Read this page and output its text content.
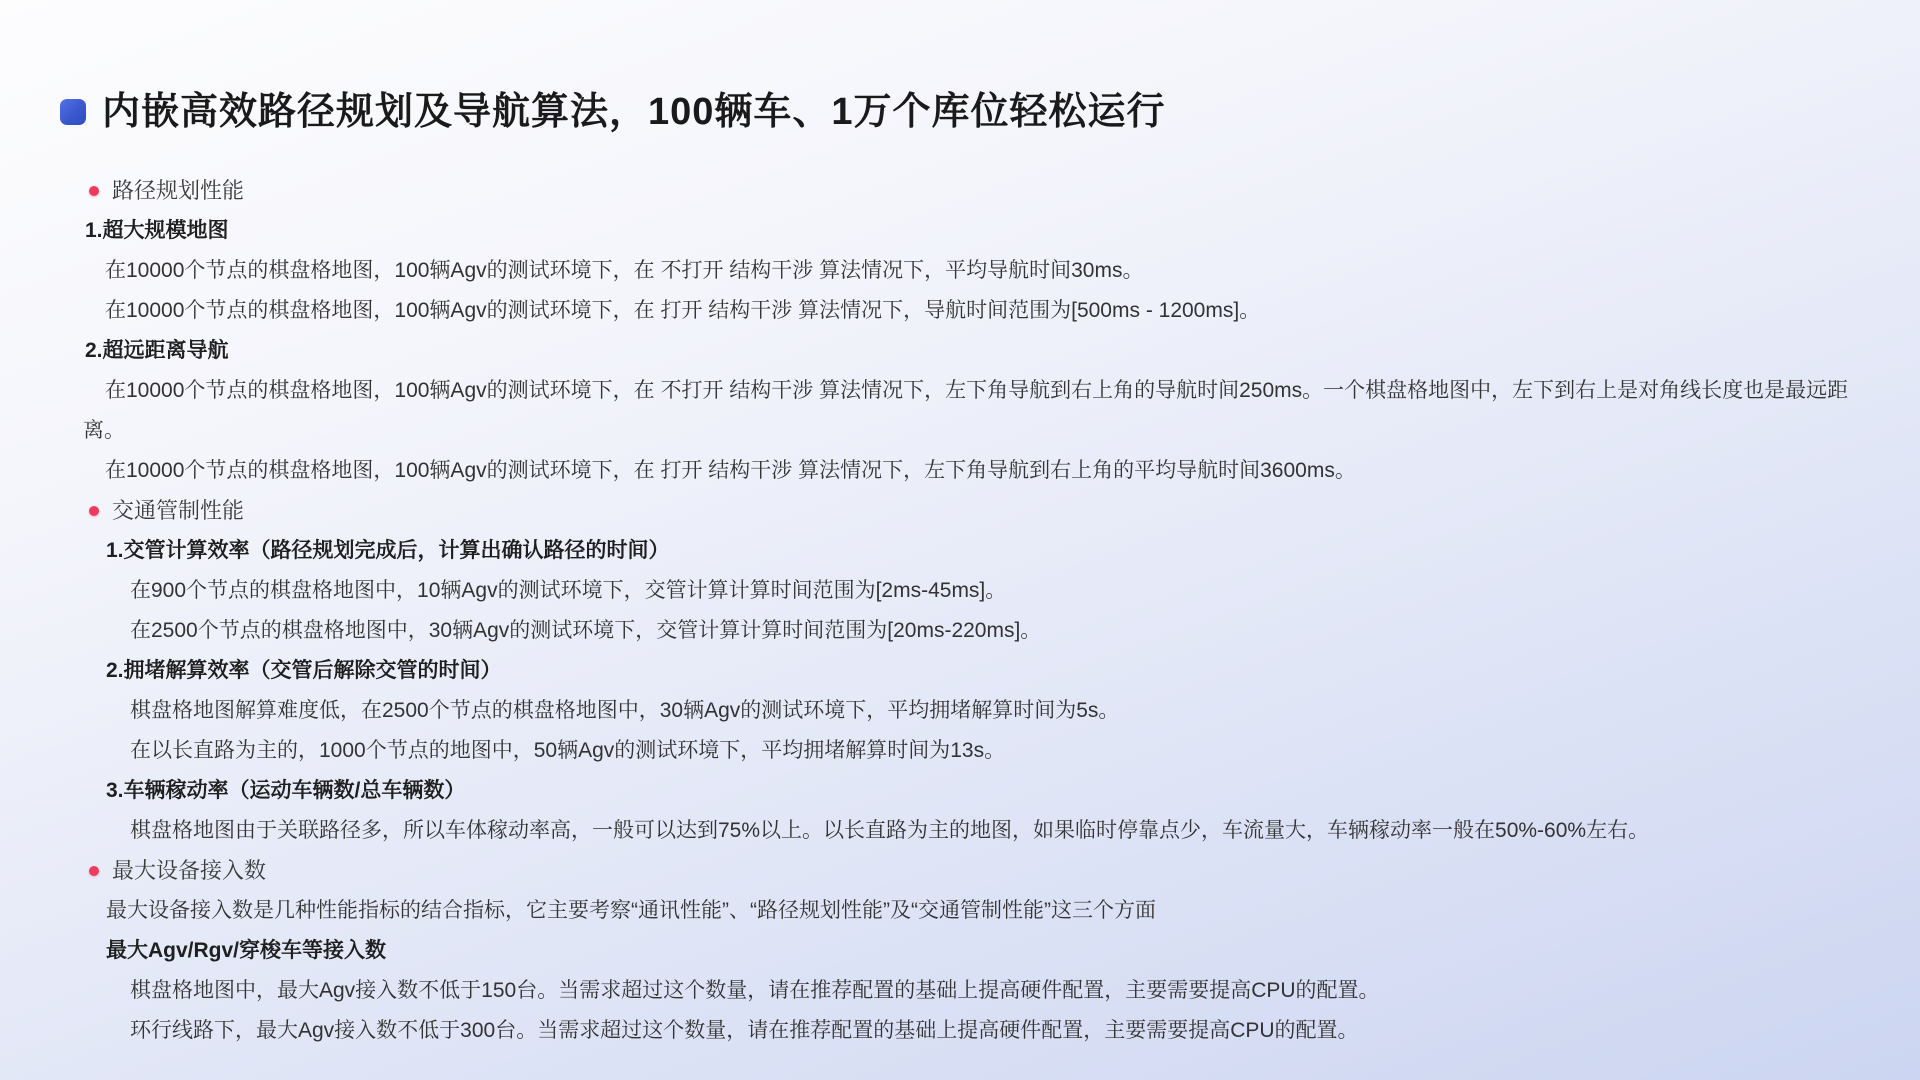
内嵌高效路径规划及导航算法，100辆车、1万个库位轻松运行
路径规划性能
1.超大规模地图
在10000个节点的棋盘格地图，100辆Agv的测试环境下，在 不打开 结构干涉 算法情况下，平均导航时间30ms。
在10000个节点的棋盘格地图，100辆Agv的测试环境下，在 打开 结构干涉 算法情况下，导航时间范围为[500ms - 1200ms]。
2.超远距离导航
在10000个节点的棋盘格地图，100辆Agv的测试环境下，在 不打开 结构干涉 算法情况下，左下角导航到右上角的导航时间250ms。一个棋盘格地图中，左下到右上是对角线长度也是最远距离。
在10000个节点的棋盘格地图，100辆Agv的测试环境下，在 打开 结构干涉 算法情况下，左下角导航到右上角的平均导航时间3600ms。
交通管制性能
1.交管计算效率（路径规划完成后，计算出确认路径的时间）
在900个节点的棋盘格地图中，10辆Agv的测试环境下，交管计算计算时间范围为[2ms-45ms]。
在2500个节点的棋盘格地图中，30辆Agv的测试环境下，交管计算计算时间范围为[20ms-220ms]。
2.拥堵解算效率（交管后解除交管的时间）
棋盘格地图解算难度低，在2500个节点的棋盘格地图中，30辆Agv的测试环境下，平均拥堵解算时间为5s。
在以长直路为主的，1000个节点的地图中，50辆Agv的测试环境下，平均拥堵解算时间为13s。
3.车辆稼动率（运动车辆数/总车辆数）
棋盘格地图由于关联路径多，所以车体稼动率高，一般可以达到75%以上。以长直路为主的地图，如果临时停靠点少，车流量大，车辆稼动率一般在50%-60%左右。
最大设备接入数
最大设备接入数是几种性能指标的结合指标，它主要考察“通讯性能”、“路径规划性能”及“交通管制性能”这三个方面
最大Agv/Rgv/穿梭车等接入数
棋盘格地图中，最大Agv接入数不低于150台。当需求超过这个数量，请在推荐配置的基础上提高硬件配置，主要需要提高CPU的配置。
环行线路下，最大Agv接入数不低于300台。当需求超过这个数量，请在推荐配置的基础上提高硬件配置，主要需要提高CPU的配置。
